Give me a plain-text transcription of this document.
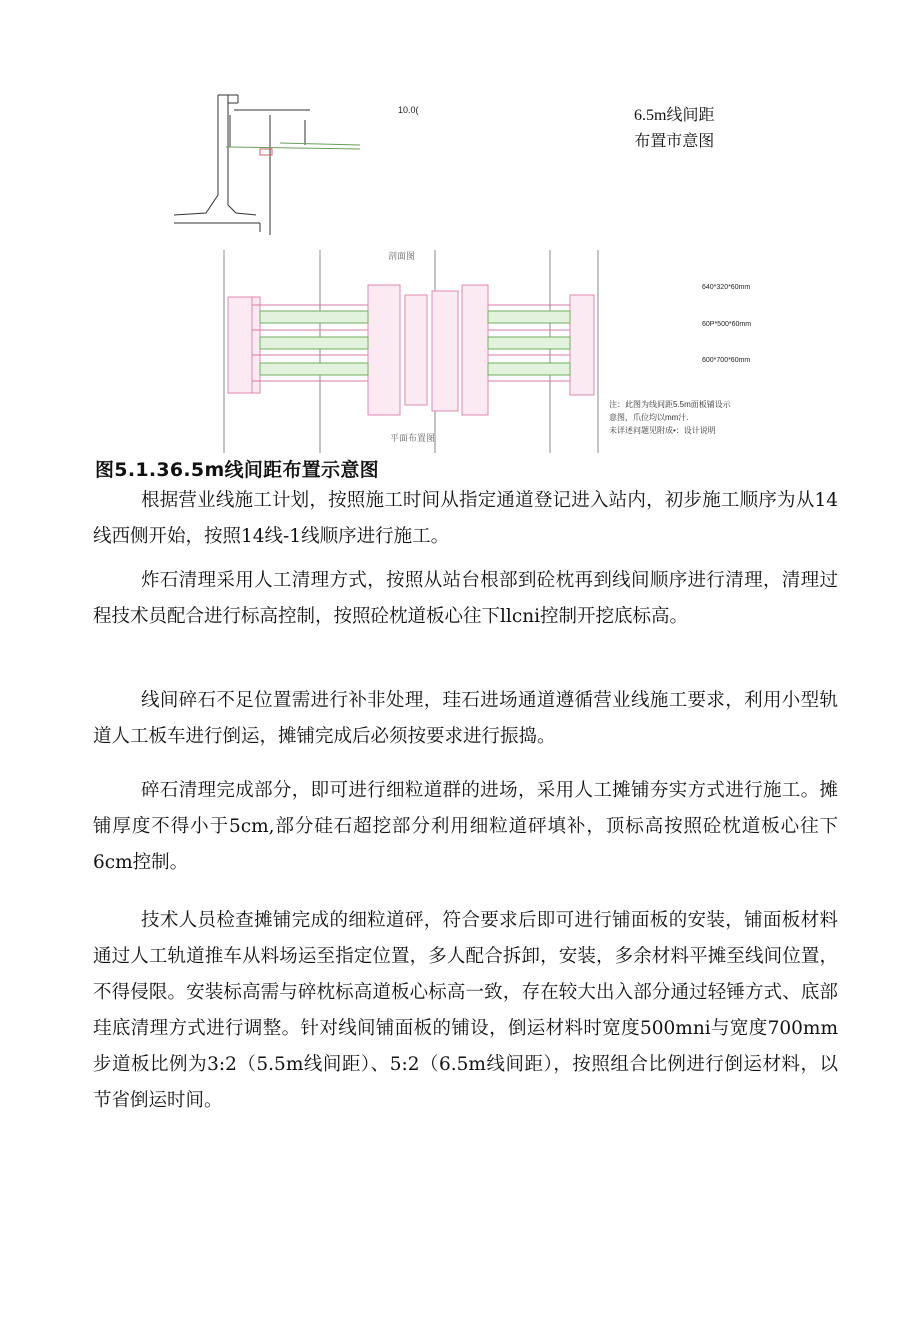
10.0(	6.5m线间距
布置市意图
剖面图
平面布置图
640*320*60mm
60P*500*60mm
600*700*60mm
注：此图为线间距5.5m面板铺设示
意图，爪位均以mm汁.
未详述问题见附成•：设计说明
图5.1.36.5m线间距布置示意图

根据营业线施工计划，按照施工时间从指定通道登记进入站内，初步施工顺序为从14线西侧开始，按照14线-1线顺序进行施工。

炸石清理采用人工清理方式，按照从站台根部到砼枕再到线间顺序进行清理，清理过程技术员配合进行标高控制，按照砼枕道板心往下llcni控制开挖底标高。

线间碎石不足位置需进行补非处理，珪石进场通道遵循营业线施工要求，利用小型轨道人工板车进行倒运，摊铺完成后必须按要求进行振捣。

碎石清理完成部分，即可进行细粒道群的进场，采用人工摊铺夯实方式进行施工。摊铺厚度不得小于5cm,部分硅石超挖部分利用细粒道砰填补，顶标高按照砼枕道板心往下6cm控制。

技术人员检查摊铺完成的细粒道砰，符合要求后即可进行铺面板的安装，铺面板材料通过人工轨道推车从料场运至指定位置，多人配合拆卸，安装，多余材料平摊至线间位置，不得侵限。安装标高需与碎枕标高道板心标高一致，存在较大出入部分通过轻锤方式、底部珪底清理方式进行调整。针对线间铺面板的铺设，倒运材料时宽度500mni与宽度700mm步道板比例为3:2（5.5m线间距）、5:2（6.5m线间距），按照组合比例进行倒运材料，以节省倒运时间。
